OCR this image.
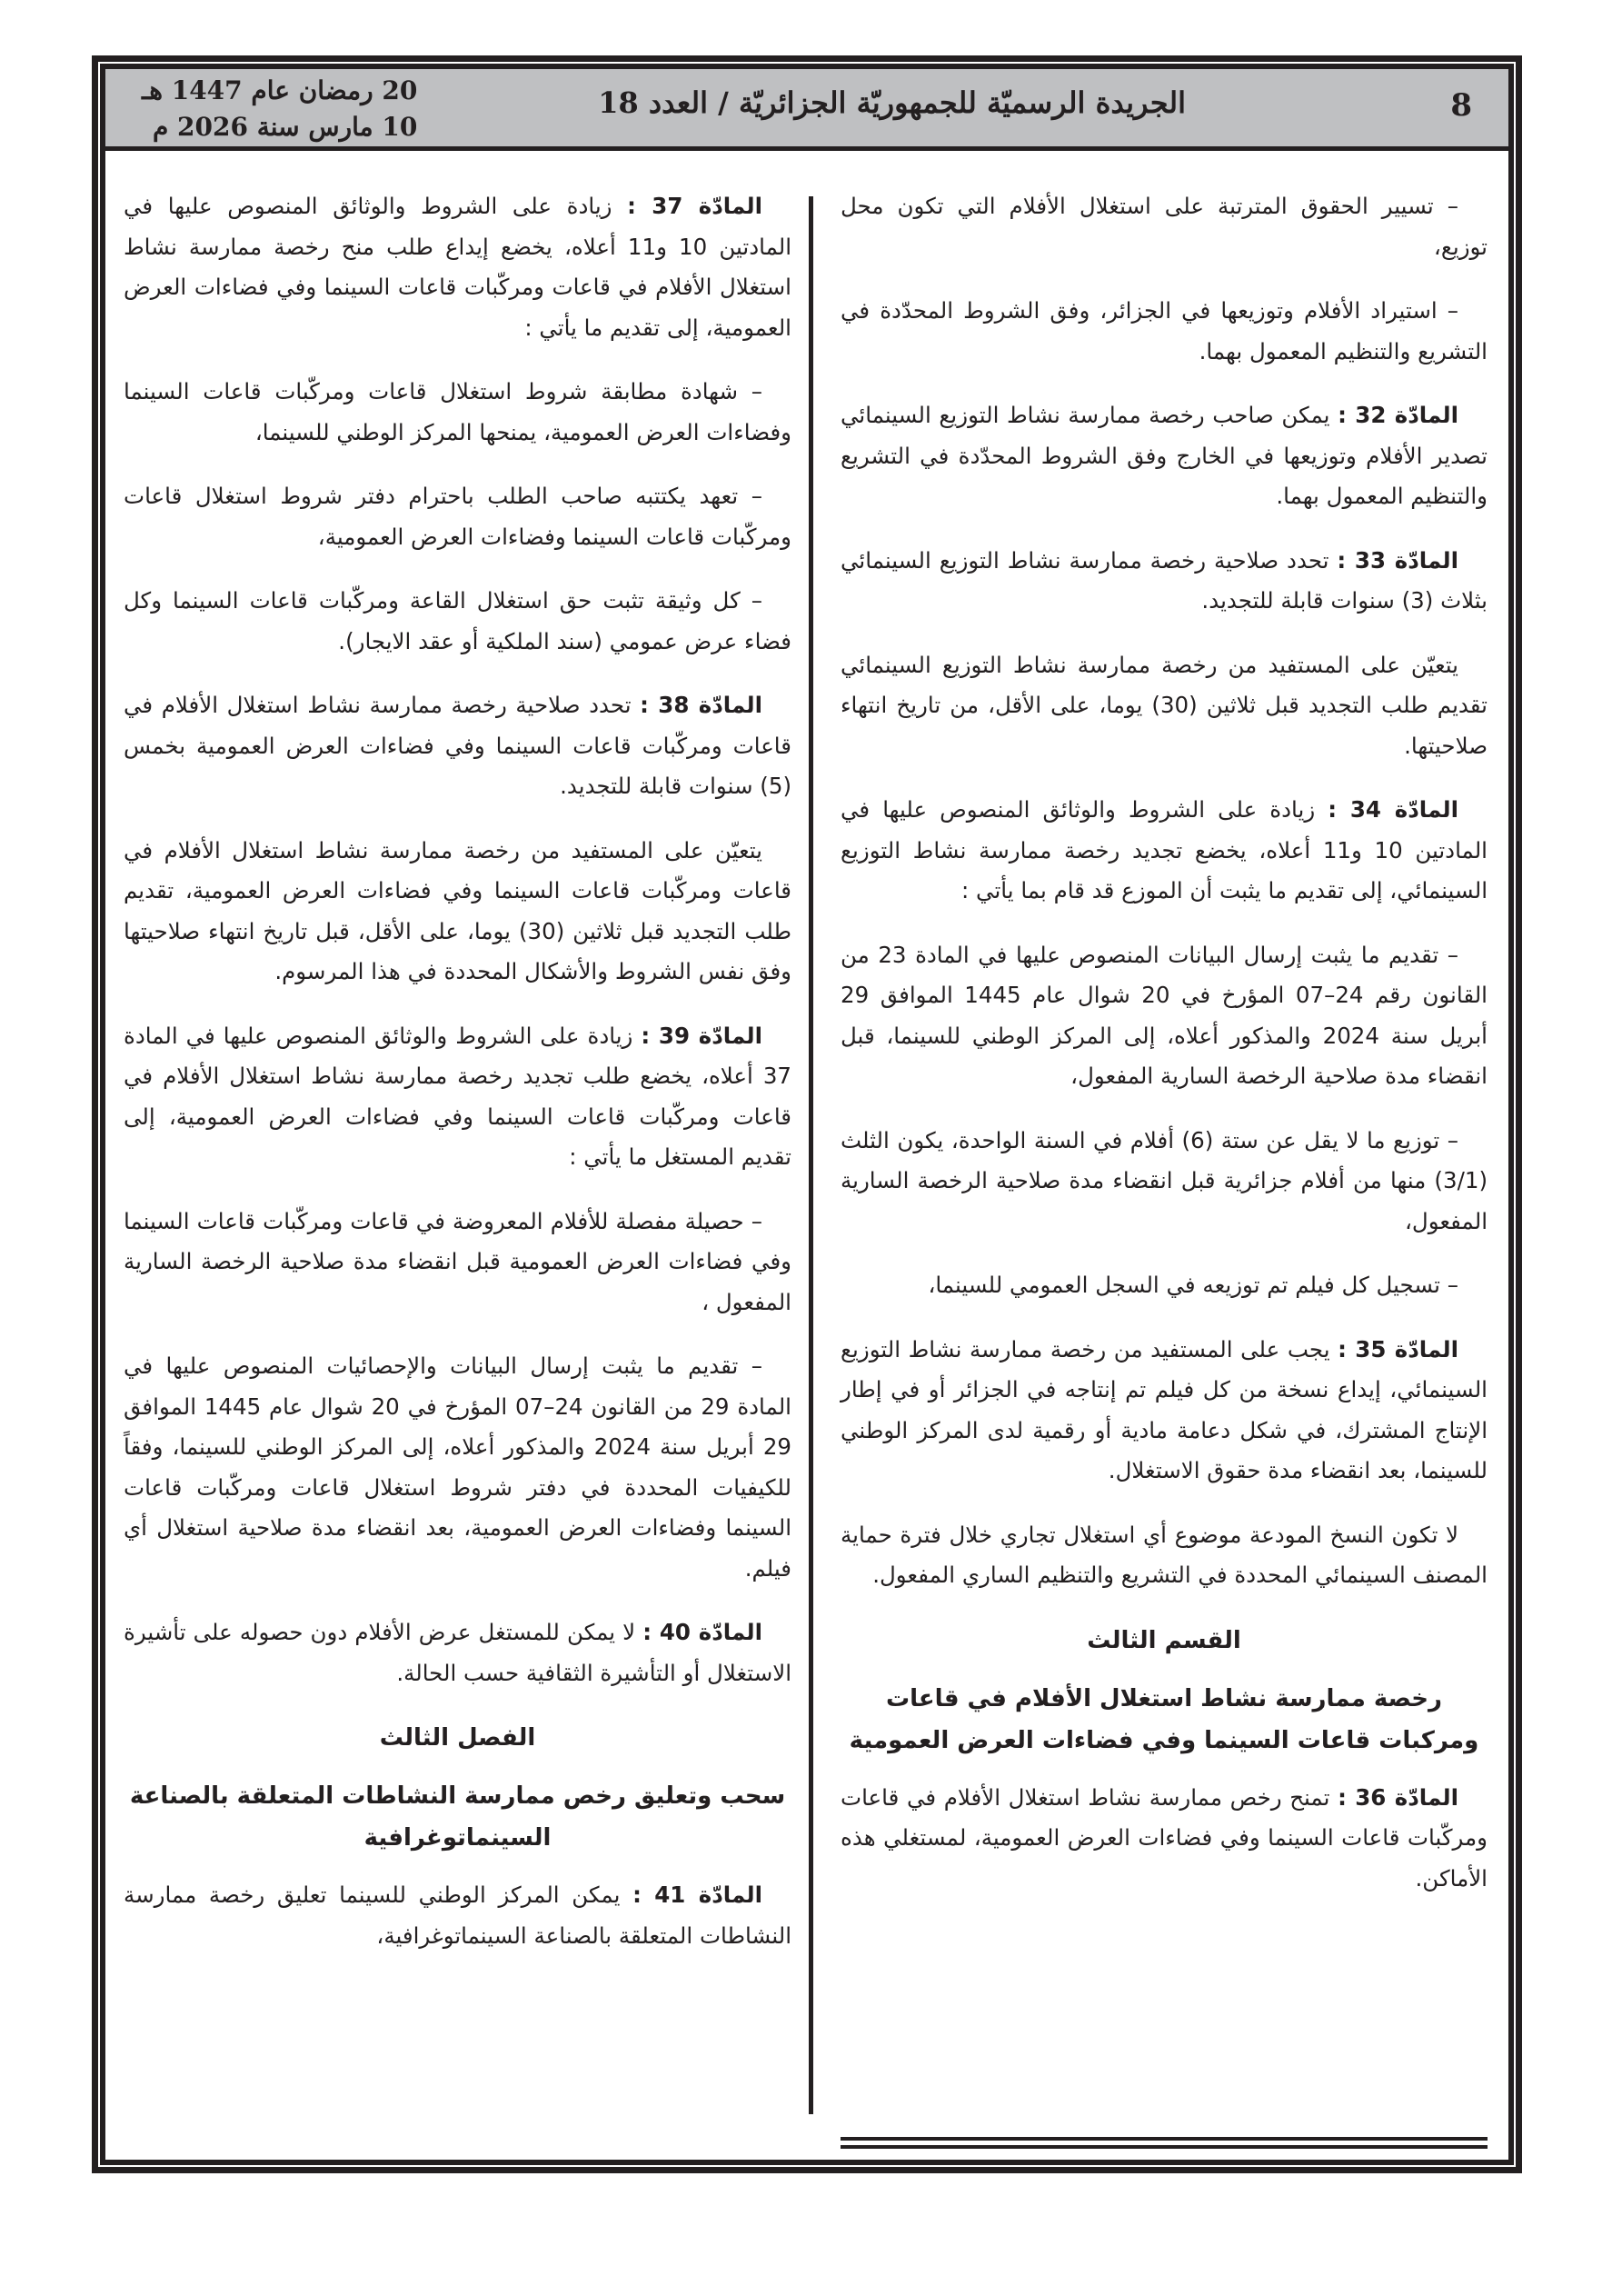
8
الجريدة الرسميّة للجمهوريّة الجزائريّة / العدد 18
20 رمضان عام 1447 هـ
10 مارس سنة 2026 م

– تسيير الحقوق المترتبة على استغلال الأفلام التي تكون محل توزيع،

– استيراد الأفلام وتوزيعها في الجزائر، وفق الشروط المحدّدة في التشريع والتنظيم المعمول بهما.

المادّة 32 : يمكن صاحب رخصة ممارسة نشاط التوزيع السينمائي تصدير الأفلام وتوزيعها في الخارج وفق الشروط المحدّدة في التشريع والتنظيم المعمول بهما.

المادّة 33 : تحدد صلاحية رخصة ممارسة نشاط التوزيع السينمائي بثلاث (3) سنوات قابلة للتجديد.

يتعيّن على المستفيد من رخصة ممارسة نشاط التوزيع السينمائي تقديم طلب التجديد قبل ثلاثين (30) يوما، على الأقل، من تاريخ انتهاء صلاحيتها.

المادّة 34 : زيادة على الشروط والوثائق المنصوص عليها في المادتين 10 و11 أعلاه، يخضع تجديد رخصة ممارسة نشاط التوزيع السينمائي، إلى تقديم ما يثبت أن الموزع قد قام بما يأتي :

– تقديم ما يثبت إرسال البيانات المنصوص عليها في المادة 23 من القانون رقم 24–07 المؤرخ في 20 شوال عام 1445 الموافق 29 أبريل سنة 2024 والمذكور أعلاه، إلى المركز الوطني للسينما، قبل انقضاء مدة صلاحية الرخصة السارية المفعول،

– توزيع ما لا يقل عن ستة (6) أفلام في السنة الواحدة، يكون الثلث (3/1) منها من أفلام جزائرية قبل انقضاء مدة صلاحية الرخصة السارية المفعول،

– تسجيل كل فيلم تم توزيعه في السجل العمومي للسينما،

المادّة 35 : يجب على المستفيد من رخصة ممارسة نشاط التوزيع السينمائي، إيداع نسخة من كل فيلم تم إنتاجه في الجزائر أو في إطار الإنتاج المشترك، في شكل دعامة مادية أو رقمية لدى المركز الوطني للسينما، بعد انقضاء مدة حقوق الاستغلال.

لا تكون النسخ المودعة موضوع أي استغلال تجاري خلال فترة حماية المصنف السينمائي المحددة في التشريع والتنظيم الساري المفعول.

القسم الثالث

رخصة ممارسة نشاط استغلال الأفلام في قاعات ومركبات قاعات السينما وفي فضاءات العرض العمومية

المادّة 36 : تمنح رخص ممارسة نشاط استغلال الأفلام في قاعات ومركّبات قاعات السينما وفي فضاءات العرض العمومية، لمستغلي هذه الأماكن.

المادّة 37 : زيادة على الشروط والوثائق المنصوص عليها في المادتين 10 و11 أعلاه، يخضع إيداع طلب منح رخصة ممارسة نشاط استغلال الأفلام في قاعات ومركّبات قاعات السينما وفي فضاءات العرض العمومية، إلى تقديم ما يأتي :

– شهادة مطابقة شروط استغلال قاعات ومركّبات قاعات السينما وفضاءات العرض العمومية، يمنحها المركز الوطني للسينما،

– تعهد يكتتبه صاحب الطلب باحترام دفتر شروط استغلال قاعات ومركّبات قاعات السينما وفضاءات العرض العمومية،

– كل وثيقة تثبت حق استغلال القاعة ومركّبات قاعات السينما وكل فضاء عرض عمومي (سند الملكية أو عقد الايجار).

المادّة 38 : تحدد صلاحية رخصة ممارسة نشاط استغلال الأفلام في قاعات ومركّبات قاعات السينما وفي فضاءات العرض العمومية بخمس (5) سنوات قابلة للتجديد.

يتعيّن على المستفيد من رخصة ممارسة نشاط استغلال الأفلام في قاعات ومركّبات قاعات السينما وفي فضاءات العرض العمومية، تقديم طلب التجديد قبل ثلاثين (30) يوما، على الأقل، قبل تاريخ انتهاء صلاحيتها وفق نفس الشروط والأشكال المحددة في هذا المرسوم.

المادّة 39 : زيادة على الشروط والوثائق المنصوص عليها في المادة 37 أعلاه، يخضع طلب تجديد رخصة ممارسة نشاط استغلال الأفلام في قاعات ومركّبات قاعات السينما وفي فضاءات العرض العمومية، إلى تقديم المستغل ما يأتي :

– حصيلة مفصلة للأفلام المعروضة في قاعات ومركّبات قاعات السينما وفي فضاءات العرض العمومية قبل انقضاء مدة صلاحية الرخصة السارية المفعول ،

– تقديم ما يثبت إرسال البيانات والإحصائيات المنصوص عليها في المادة 29 من القانون 24–07 المؤرخ في 20 شوال عام 1445 الموافق 29 أبريل سنة 2024 والمذكور أعلاه، إلى المركز الوطني للسينما، وفقاً للكيفيات المحددة في دفتر شروط استغلال قاعات ومركّبات قاعات السينما وفضاءات العرض العمومية، بعد انقضاء مدة صلاحية استغلال أي فيلم.

المادّة 40 : لا يمكن للمستغل عرض الأفلام دون حصوله على تأشيرة الاستغلال أو التأشيرة الثقافية حسب الحالة.

الفصل الثالث

سحب وتعليق رخص ممارسة النشاطات المتعلقة بالصناعة السينماتوغرافية

المادّة 41 : يمكن المركز الوطني للسينما تعليق رخصة ممارسة النشاطات المتعلقة بالصناعة السينماتوغرافية،
